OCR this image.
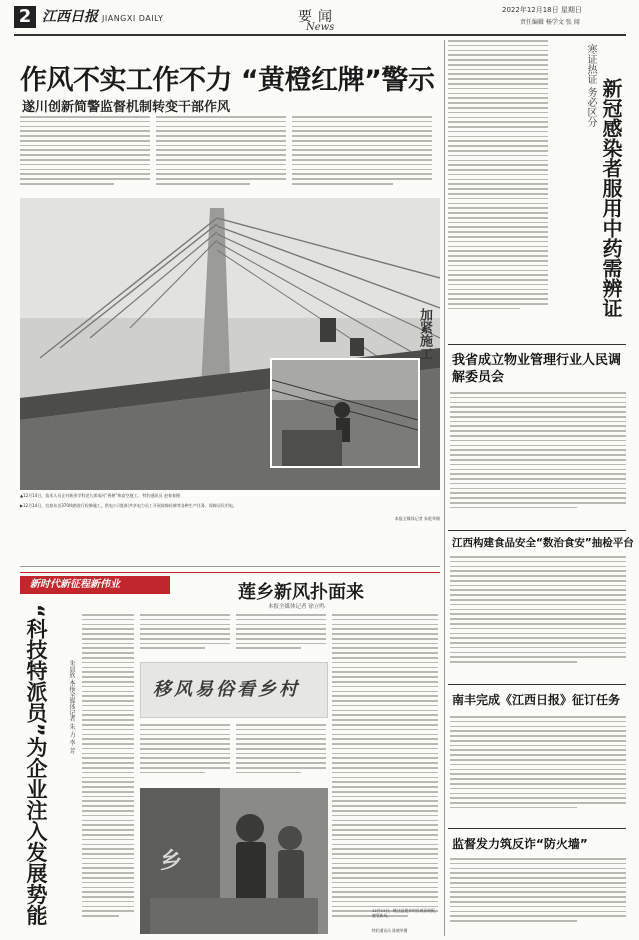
2 江西日报 JIANGXI DAILY	要闻
News
2022年12月18日 星期日
责任编辑 杨学文 张 闻
作风不实工作不力 “黄橙红牌”警示
遂川创新简警监督机制转变干部作风
加紧施工
▲12月14日，技术人员正对新余学科党九郊南河“香树”和高空施工。 特约通讯员 赵春春摄
▶12月14日，宜春东送370线路进行检修施工。供电公司组织共享电力员工开展故障检修等各种生产任务，保障居民用电。
本报全媒体记者 朱乾华摄
寒证热证 务必区分 新冠感染者服用中药需辨证
我省成立物业管理行业人民调解委员会
江西构建食品安全“数治食安”抽检平台
南丰完成《江西日报》征订任务
监督发力筑反诈“防火墙”
新时代新征程新伟业	莲乡新风扑面来
本报全媒体记者 徐立鸣
“科技特派员”为企业注入发展势能	朱晨欣 本报全媒体记者 朱 力 李 芳	移风易俗看乡村
乡
12月13日，桃洼县莲乡村民观看展板，感受新风。
特约通讯员 陈晓华摄
